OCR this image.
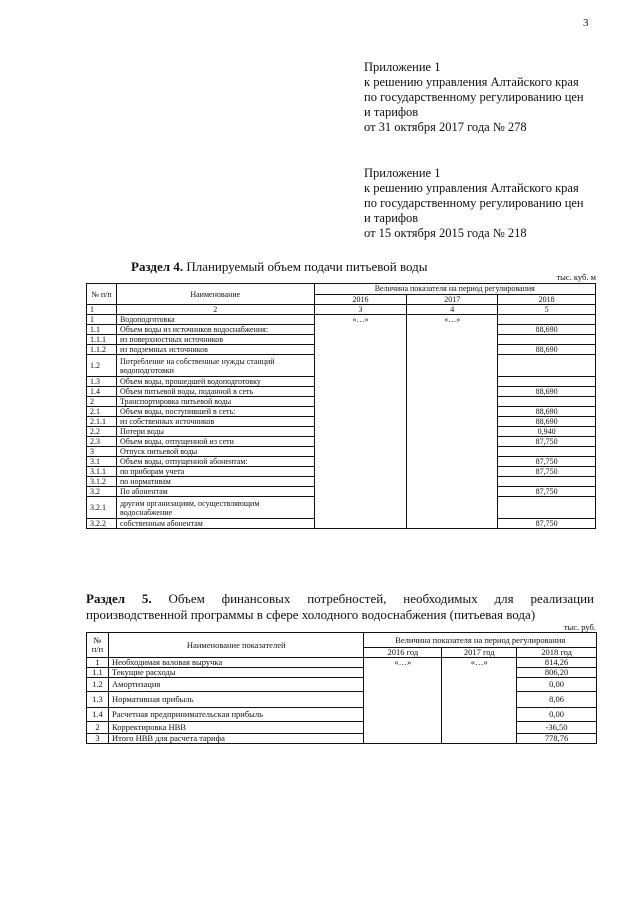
3
Приложение 1
к решению управления Алтайского края
по государственному регулированию цен
и тарифов
от 31 октября 2017 года № 278
Приложение 1
к решению управления Алтайского края
по государственному регулированию цен
и тарифов
от 15 октября 2015 года № 218
Раздел 4. Планируемый объем подачи питьевой воды
тыс. куб. м
№ п/п	Наименование	Величина показателя на период регулирования		
		2016	2017	2018
1	2	3	4	5
1	Водоподготовка	«…»	«…»	
1.1	Объем воды из источников водоснабжения:			88,690
1.1.1	из поверхностных источников			
1.1.2	из подземных источников			88,690
1.2	Потребление на собственные нужды станций водоподготовки			
1.3	Объем воды, прошедшей водоподготовку			
1.4	Объем питьевой воды, поданной в сеть			88,690
2	Транспортировка питьевой воды			
2.1	Объем воды, поступившей в сеть:			88,690
2.1.1	из собственных источников			88,690
2.2	Потери воды			0,940
2.3	Объем воды, отпущенной из сети			87,750
3	Отпуск питьевой воды			
3.1	Объем воды, отпущенной абонентам:			87,750
3.1.1	по приборам учета			87,750
3.1.2	по нормативам			
3.2	По абонентам			87,750
3.2.1	другим организациям, осуществляющим водоснабжение			
3.2.2	собственным абонентам			87,750
Раздел 5. Объем финансовых потребностей, необходимых для реализации производственной программы в сфере холодного водоснабжения (питьевая вода)
тыс. руб.
№ п/п	Наименование показателей	Величина показателя на период регулирования		
		2016 год	2017 год	2018 год
1	Необходимая валовая выручка	«…»	«…»	814,26
1.1	Текущие расходы			806,20
1.2	Амортизация			0,00
1.3	Нормативная прибыль			8,06
1.4	Расчетная предпринимательская прибыль			0,00
2	Корректировка НВВ			-36,50
3	Итого НВВ для расчета тарифа			778,76
